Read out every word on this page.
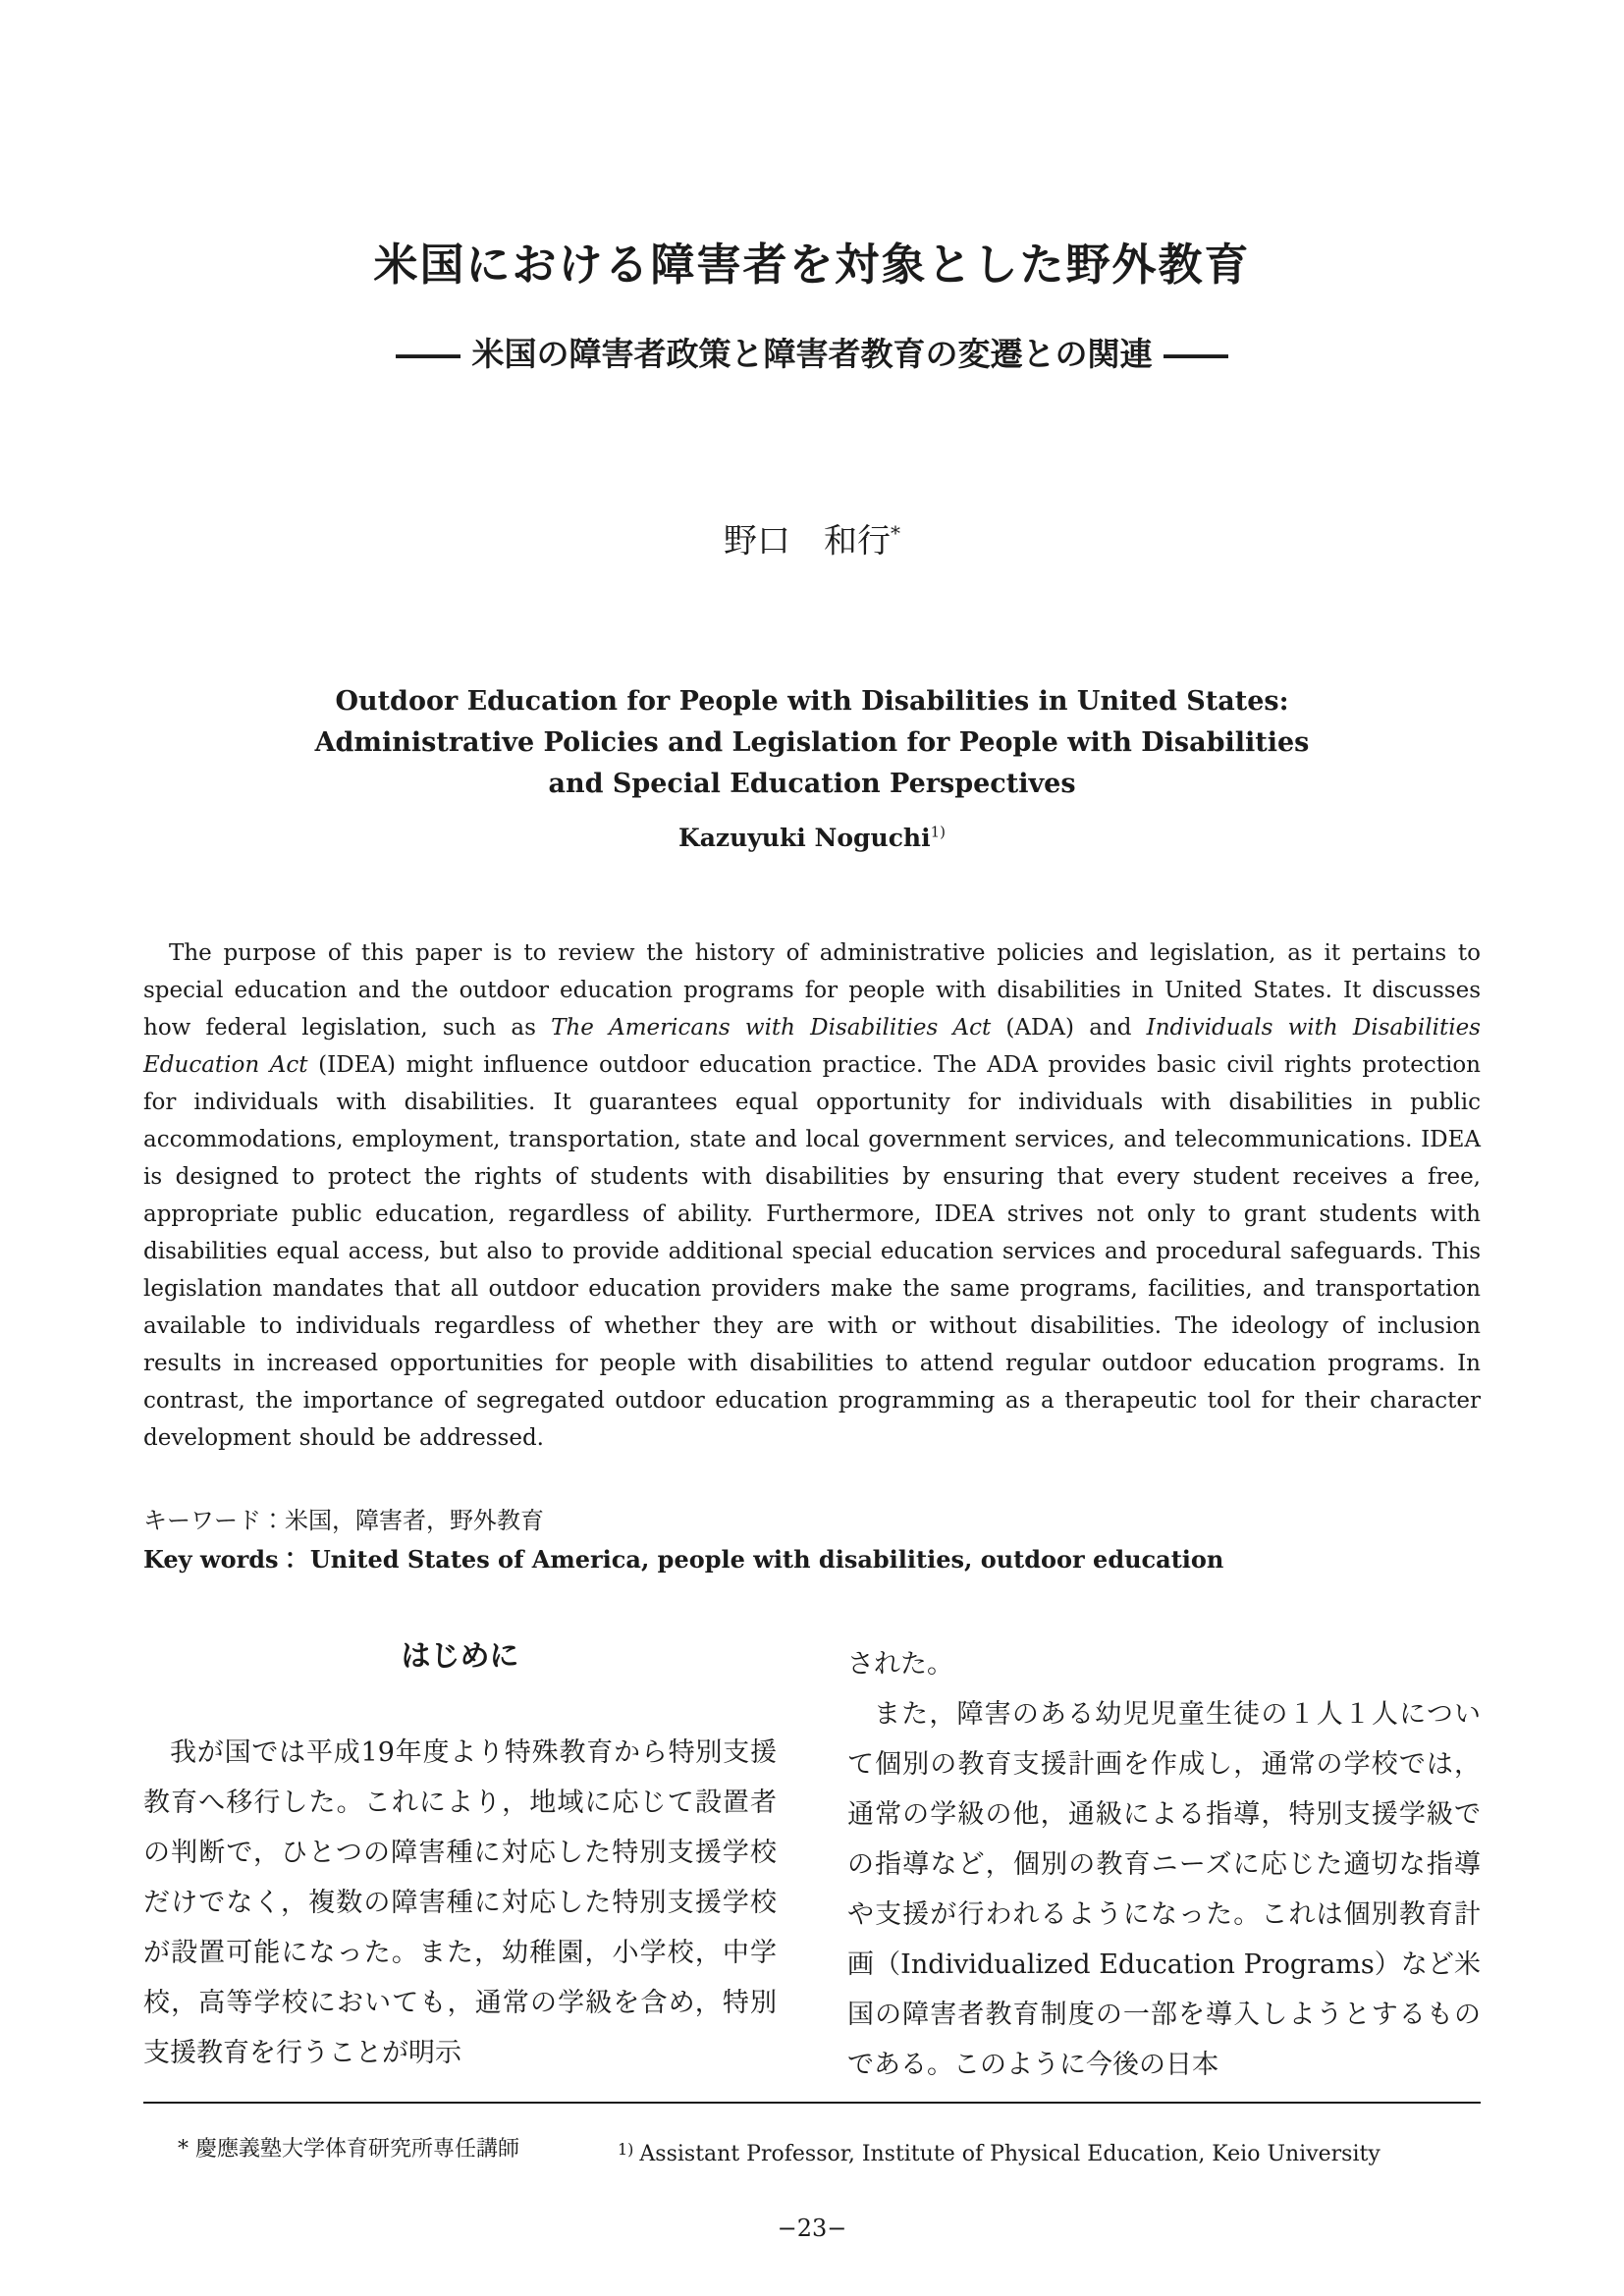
米国における障害者を対象とした野外教育
―― 米国の障害者政策と障害者教育の変遷との関連 ――
野口　和行*
Outdoor Education for People with Disabilities in United States:
Administrative Policies and Legislation for People with Disabilities
and Special Education Perspectives
Kazuyuki Noguchi$^{1)}$

The purpose of this paper is to review the history of administrative policies and legislation, as it pertains to special education and the outdoor education programs for people with disabilities in United States. It discusses how federal legislation, such as The Americans with Disabilities Act (ADA) and Individuals with Disabilities Education Act (IDEA) might influence outdoor education practice. The ADA provides basic civil rights protection for individuals with disabilities. It guarantees equal opportunity for individuals with disabilities in public accommodations, employment, transportation, state and local government services, and telecommunications. IDEA is designed to protect the rights of students with disabilities by ensuring that every student receives a free, appropriate public education, regardless of ability. Furthermore, IDEA strives not only to grant students with disabilities equal access, but also to provide additional special education services and procedural safeguards. This legislation mandates that all outdoor education providers make the same programs, facilities, and transportation available to individuals regardless of whether they are with or without disabilities. The ideology of inclusion results in increased opportunities for people with disabilities to attend regular outdoor education programs. In contrast, the importance of segregated outdoor education programming as a therapeutic tool for their character development should be addressed.

キーワード：米国，障害者，野外教育
Key words： United States of America, people with disabilities, outdoor education
はじめに

我が国では平成19年度より特殊教育から特別支援教育へ移行した。これにより，地域に応じて設置者の判断で，ひとつの障害種に対応した特別支援学校だけでなく，複数の障害種に対応した特別支援学校が設置可能になった。また，幼稚園，小学校，中学校，高等学校においても，通常の学級を含め，特別支援教育を行うことが明示

された。

また，障害のある幼児児童生徒の１人１人について個別の教育支援計画を作成し，通常の学校では，通常の学級の他，通級による指導，特別支援学級での指導など，個別の教育ニーズに応じた適切な指導や支援が行われるようになった。これは個別教育計画（Individualized Education Programs）など米国の障害者教育制度の一部を導入しようとするものである。このように今後の日本

* 慶應義塾大学体育研究所専任講師	$^{1)}$ Assistant Professor, Institute of Physical Education, Keio University
−23−
